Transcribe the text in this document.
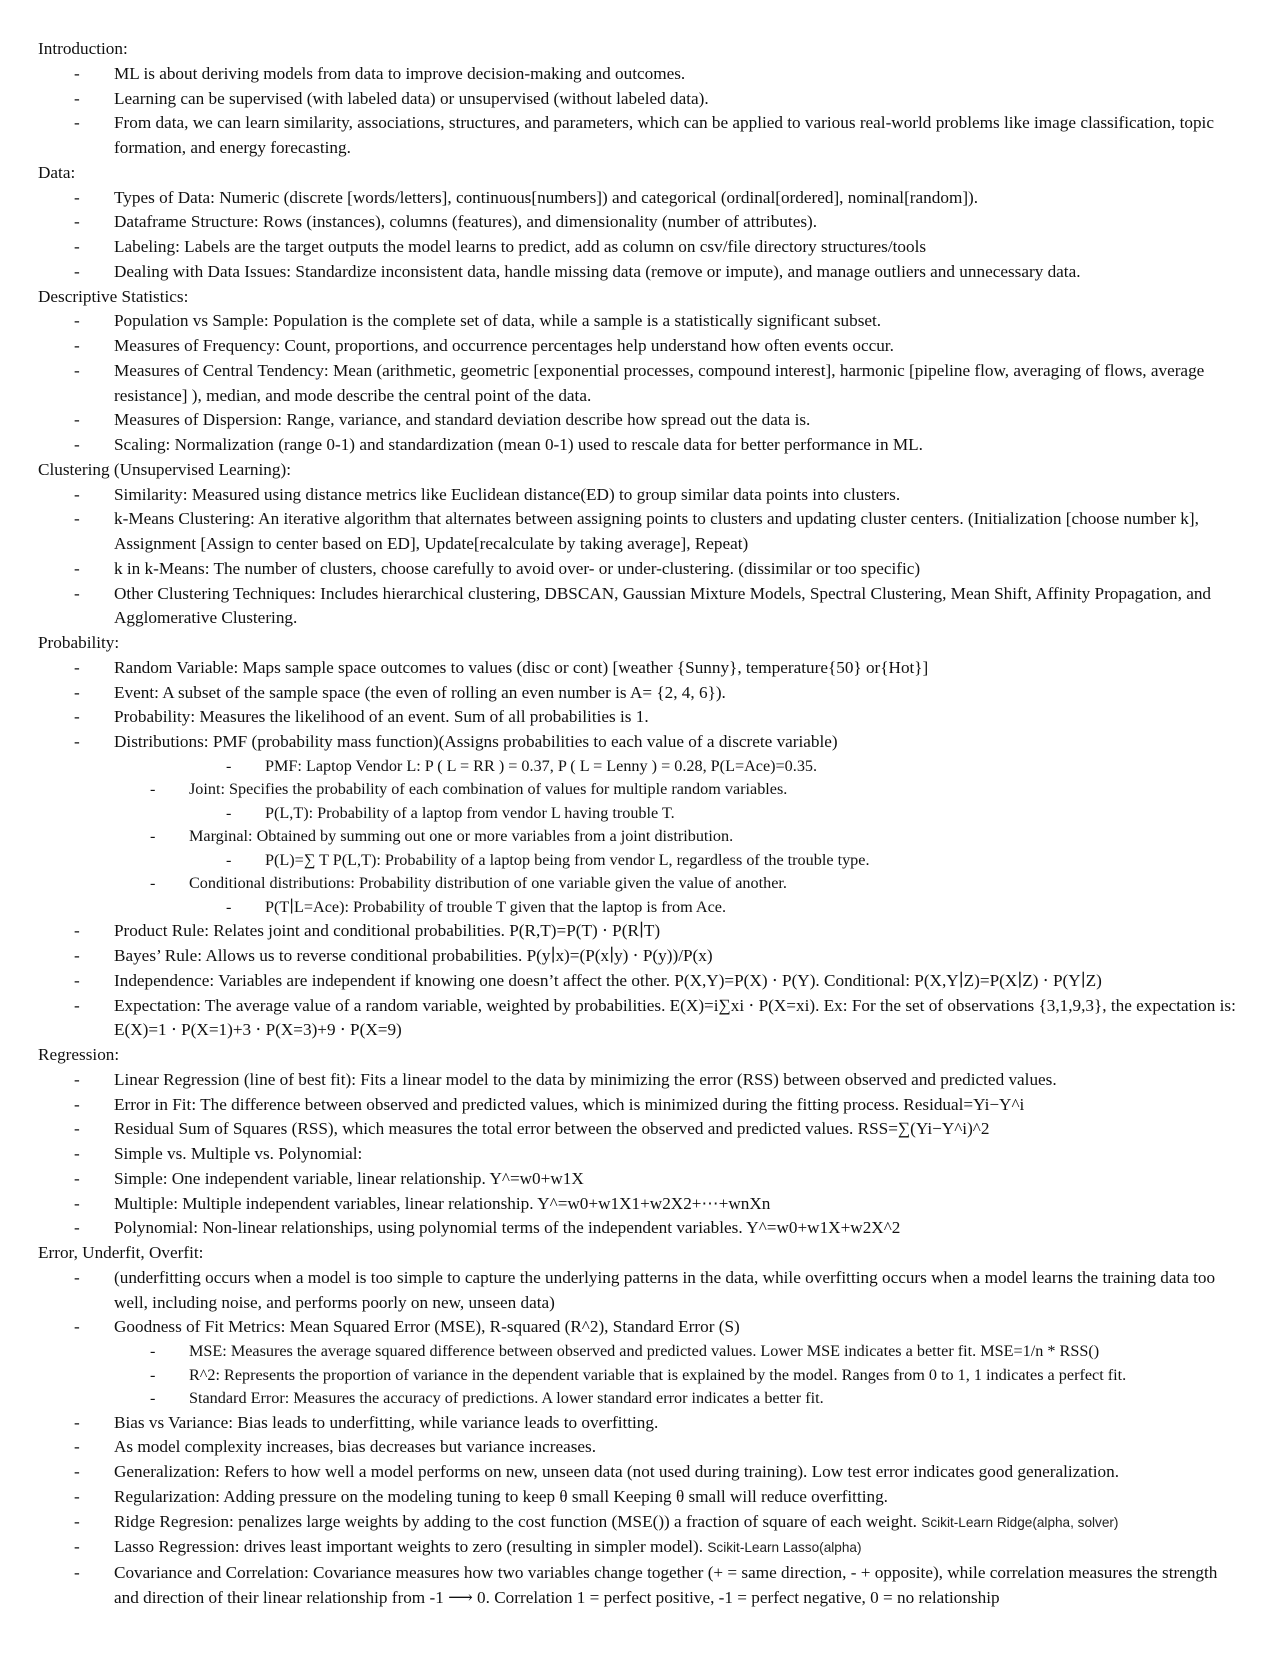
Introduction:
- ML is about deriving models from data to improve decision-making and outcomes.
- Learning can be supervised (with labeled data) or unsupervised (without labeled data).
- From data, we can learn similarity, associations, structures, and parameters, which can be applied to various real-world problems like image classification, topic formation, and energy forecasting.
Data:
- Types of Data: Numeric (discrete [words/letters], continuous[numbers]) and categorical (ordinal[ordered], nominal[random]).
- Dataframe Structure: Rows (instances), columns (features), and dimensionality (number of attributes).
- Labeling: Labels are the target outputs the model learns to predict, add as column on csv/file directory structures/tools
- Dealing with Data Issues: Standardize inconsistent data, handle missing data (remove or impute), and manage outliers and unnecessary data.
Descriptive Statistics:
- Population vs Sample: Population is the complete set of data, while a sample is a statistically significant subset.
- Measures of Frequency: Count, proportions, and occurrence percentages help understand how often events occur.
- Measures of Central Tendency: Mean (arithmetic, geometric [exponential processes, compound interest], harmonic [pipeline flow, averaging of flows, average resistance] ), median, and mode describe the central point of the data.
- Measures of Dispersion: Range, variance, and standard deviation describe how spread out the data is.
- Scaling: Normalization (range 0-1) and standardization (mean 0-1) used to rescale data for better performance in ML.
Clustering (Unsupervised Learning):
- Similarity: Measured using distance metrics like Euclidean distance(ED) to group similar data points into clusters.
- k-Means Clustering: An iterative algorithm that alternates between assigning points to clusters and updating cluster centers. (Initialization [choose number k], Assignment [Assign to center based on ED], Update[recalculate by taking average], Repeat)
- k in k-Means: The number of clusters, choose carefully to avoid over- or under-clustering. (dissimilar or too specific)
- Other Clustering Techniques: Includes hierarchical clustering, DBSCAN, Gaussian Mixture Models, Spectral Clustering, Mean Shift, Affinity Propagation, and Agglomerative Clustering.
Probability:
- Random Variable: Maps sample space outcomes to values (disc or cont) [weather {Sunny}, temperature{50} or{Hot}]
- Event: A subset of the sample space (the even of rolling an even number is A= {2, 4, 6}).
- Probability: Measures the likelihood of an event. Sum of all probabilities is 1.
- Distributions: PMF (probability mass function)(Assigns probabilities to each value of a discrete variable)
- PMF: Laptop Vendor L: P ( L = RR ) = 0.37, P ( L = Lenny ) = 0.28, P(L=Ace)=0.35.
- Joint: Specifies the probability of each combination of values for multiple random variables.
- P(L,T): Probability of a laptop from vendor L having trouble T.
- Marginal: Obtained by summing out one or more variables from a joint distribution.
- P(L)=∑ T P(L,T): Probability of a laptop being from vendor L, regardless of the trouble type.
- Conditional distributions: Probability distribution of one variable given the value of another.
- P(T∣L=Ace): Probability of trouble T given that the laptop is from Ace.
- Product Rule: Relates joint and conditional probabilities. P(R,T)=P(T) ⋅ P(R∣T)
- Bayes’ Rule: Allows us to reverse conditional probabilities. P(y∣x)=(P(x∣y) ⋅ P(y))/P(x)
- Independence: Variables are independent if knowing one doesn’t affect the other. P(X,Y)=P(X) ⋅ P(Y). Conditional: P(X,Y∣Z)=P(X∣Z) ⋅ P(Y∣Z)
- Expectation: The average value of a random variable, weighted by probabilities. E(X)=i∑xi ⋅ P(X=xi). Ex: For the set of observations {3,1,9,3}, the expectation is: E(X)=1 ⋅ P(X=1)+3 ⋅ P(X=3)+9 ⋅ P(X=9)
Regression:
- Linear Regression (line of best fit): Fits a linear model to the data by minimizing the error (RSS) between observed and predicted values.
- Error in Fit: The difference between observed and predicted values, which is minimized during the fitting process. Residual=Yi−Y^i
- Residual Sum of Squares (RSS), which measures the total error between the observed and predicted values. RSS=∑(Yi−Y^i)^2
- Simple vs. Multiple vs. Polynomial:
- Simple: One independent variable, linear relationship. Y^=w0+w1X
- Multiple: Multiple independent variables, linear relationship. Y^=w0+w1X1+w2X2+⋯+wnXn
- Polynomial: Non-linear relationships, using polynomial terms of the independent variables. Y^=w0+w1X+w2X^2
Error, Underfit, Overfit:
- (underfitting occurs when a model is too simple to capture the underlying patterns in the data, while overfitting occurs when a model learns the training data too well, including noise, and performs poorly on new, unseen data)
- Goodness of Fit Metrics: Mean Squared Error (MSE), R-squared (R^2), Standard Error (S)
- MSE: Measures the average squared difference between observed and predicted values. Lower MSE indicates a better fit. MSE=1/n * RSS()
- R^2: Represents the proportion of variance in the dependent variable that is explained by the model. Ranges from 0 to 1, 1 indicates a perfect fit.
- Standard Error: Measures the accuracy of predictions. A lower standard error indicates a better fit.
- Bias vs Variance: Bias leads to underfitting, while variance leads to overfitting.
- As model complexity increases, bias decreases but variance increases.
- Generalization: Refers to how well a model performs on new, unseen data (not used during training). Low test error indicates good generalization.
- Regularization: Adding pressure on the modeling tuning to keep θ small Keeping θ small will reduce overfitting.
- Ridge Regresion: penalizes large weights by adding to the cost function (MSE()) a fraction of square of each weight. Scikit-Learn Ridge(alpha, solver)
- Lasso Regression: drives least important weights to zero (resulting in simpler model). Scikit-Learn Lasso(alpha)
- Covariance and Correlation: Covariance measures how two variables change together (+ = same direction, - + opposite), while correlation measures the strength and direction of their linear relationship from -1 ⟶ 0. Correlation 1 = perfect positive, -1 = perfect negative, 0 = no relationship
